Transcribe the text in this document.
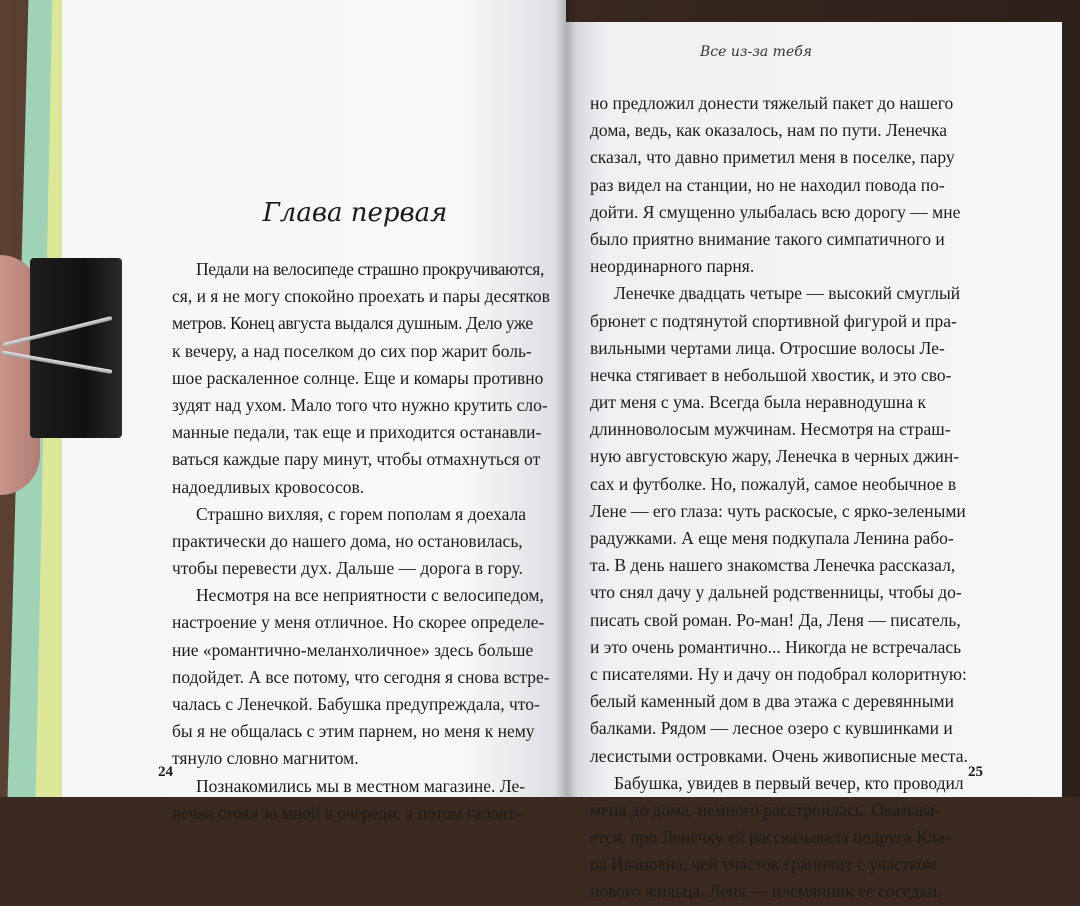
Глава первая
Педали на велосипеде страшно прокручиваются,
ся, и я не могу спокойно проехать и пары десятков
метров. Конец августа выдался душным. Дело уже
к вечеру, а над поселком до сих пор жарит боль-
шое раскаленное солнце. Еще и комары противно
зудят над ухом. Мало того что нужно крутить сло-
манные педали, так еще и приходится останавли-
ваться каждые пару минут, чтобы отмахнуться от
надоедливых кровососов.
Страшно вихляя, с горем пополам я доехала
практически до нашего дома, но остановилась,
чтобы перевести дух. Дальше — дорога в гору.
Несмотря на все неприятности с велосипедом,
настроение у меня отличное. Но скорее определе-
ние «романтично-меланхоличное» здесь больше
подойдет. А все потому, что сегодня я снова встре-
чалась с Ленечкой. Бабушка предупреждала, что-
бы я не общалась с этим парнем, но меня к нему
тянуло словно магнитом.
Познакомились мы в местном магазине. Ле-
нечка стоял за мной в очереди, а потом галант-
но предложил донести тяжелый пакет до нашего
дома, ведь, как оказалось, нам по пути. Ленечка
сказал, что давно приметил меня в поселке, пару
раз видел на станции, но не находил повода по-
дойти. Я смущенно улыбалась всю дорогу — мне
было приятно внимание такого симпатичного и
неординарного парня.
Ленечке двадцать четыре — высокий смуглый
брюнет с подтянутой спортивной фигурой и пра-
вильными чертами лица. Отросшие волосы Ле-
нечка стягивает в небольшой хвостик, и это сво-
дит меня с ума. Всегда была неравнодушна к
длинноволосым мужчинам. Несмотря на страш-
ную августовскую жару, Ленечка в черных джин-
сах и футболке. Но, пожалуй, самое необычное в
Лене — его глаза: чуть раскосые, с ярко-зелеными
радужками. А еще меня подкупала Ленина рабо-
та. В день нашего знакомства Ленечка рассказал,
что снял дачу у дальней родственницы, чтобы до-
писать свой роман. Ро-ман! Да, Леня — писатель,
и это очень романтично... Никогда не встречалась
с писателями. Ну и дачу он подобрал колоритную:
белый каменный дом в два этажа с деревянными
балками. Рядом — лесное озеро с кувшинками и
лесистыми островками. Очень живописные места.
Бабушка, увидев в первый вечер, кто проводил
меня до дома, немного расстроилась. Оказыва-
ется, про Ленечку ей рассказывала подруга Кла-
ра Ивановна, чей участок граничит с участком
нового жильца. Леня — племянник ее соседки.
Все из-за тебя
24	25
